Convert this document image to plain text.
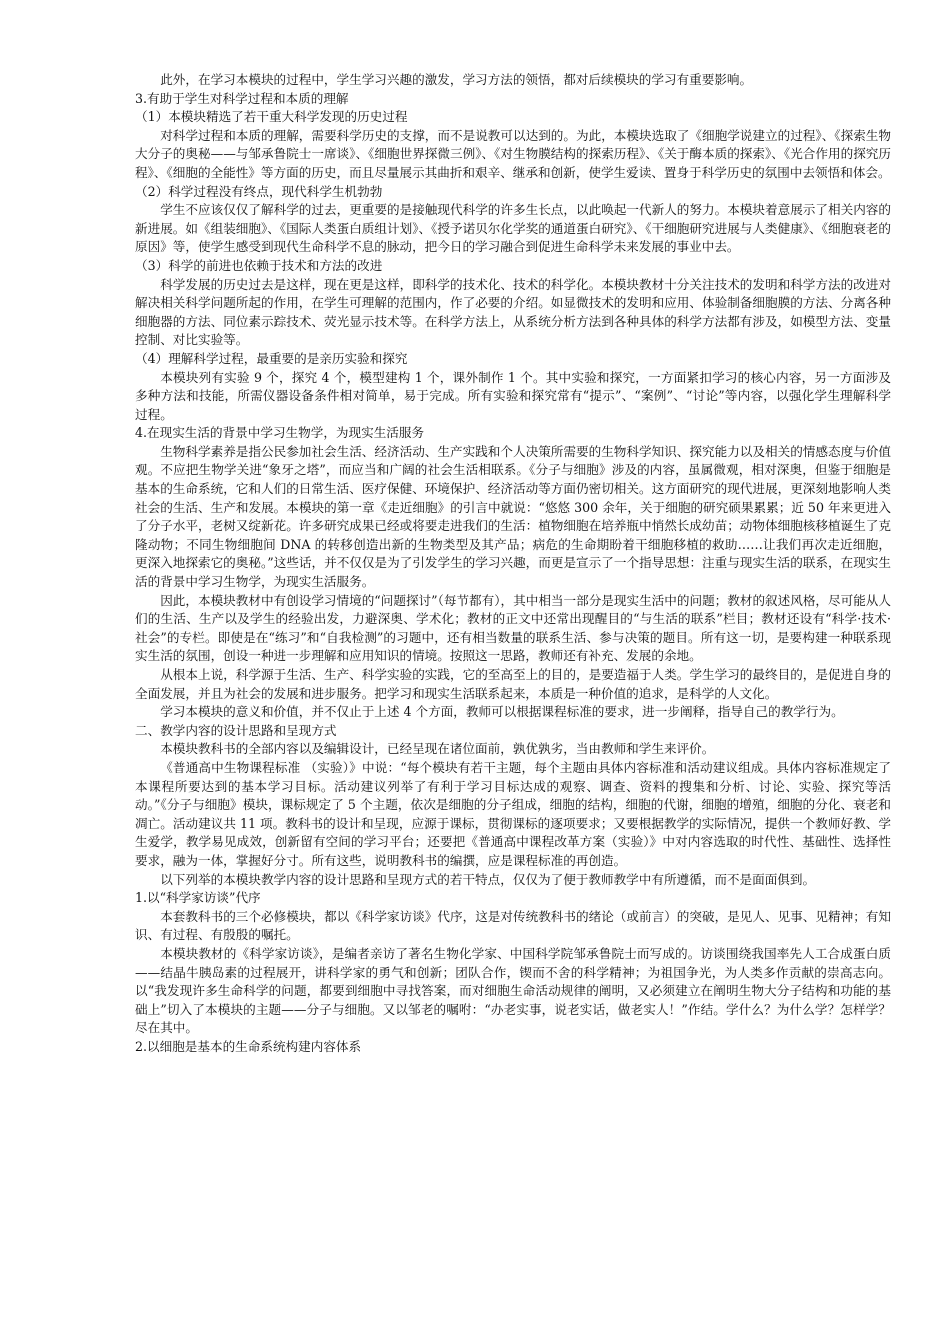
此外，在学习本模块的过程中，学生学习兴趣的激发，学习方法的领悟，都对后续模块的学习有重要影响。

3.有助于学生对科学过程和本质的理解

（1）本模块精选了若干重大科学发现的历史过程

对科学过程和本质的理解，需要科学历史的支撑，而不是说教可以达到的。为此，本模块选取了《细胞学说建立的过程》、《探索生物大分子的奥秘——与邹承鲁院士一席谈》、《细胞世界探微三例》、《对生物膜结构的探索历程》、《关于酶本质的探索》、《光合作用的探究历程》、《细胞的全能性》等方面的历史，而且尽量展示其曲折和艰辛、继承和创新，使学生爱读、置身于科学历史的氛围中去领悟和体会。

（2）科学过程没有终点，现代科学生机勃勃

学生不应该仅仅了解科学的过去，更重要的是接触现代科学的许多生长点，以此唤起一代新人的努力。本模块着意展示了相关内容的新进展。如《组装细胞》、《国际人类蛋白质组计划》、《授予诺贝尔化学奖的通道蛋白研究》、《干细胞研究进展与人类健康》、《细胞衰老的原因》等，使学生感受到现代生命科学不息的脉动，把今日的学习融合到促进生命科学未来发展的事业中去。

（3）科学的前进也依赖于技术和方法的改进

科学发展的历史过去是这样，现在更是这样，即科学的技术化、技术的科学化。本模块教材十分关注技术的发明和科学方法的改进对解决相关科学问题所起的作用，在学生可理解的范围内，作了必要的介绍。如显微技术的发明和应用、体验制备细胞膜的方法、分离各种细胞器的方法、同位素示踪技术、荧光显示技术等。在科学方法上，从系统分析方法到各种具体的科学方法都有涉及，如模型方法、变量控制、对比实验等。

（4）理解科学过程，最重要的是亲历实验和探究

本模块列有实验 9 个，探究 4 个，模型建构 1 个，课外制作 1 个。其中实验和探究，一方面紧扣学习的核心内容，另一方面涉及多种方法和技能，所需仪器设备条件相对简单，易于完成。所有实验和探究常有“提示”、“案例”、“讨论”等内容，以强化学生理解科学过程。

4.在现实生活的背景中学习生物学，为现实生活服务

生物科学素养是指公民参加社会生活、经济活动、生产实践和个人决策所需要的生物科学知识、探究能力以及相关的情感态度与价值观。不应把生物学关进“象牙之塔”，而应当和广阔的社会生活相联系。《分子与细胞》涉及的内容，虽属微观，相对深奥，但鉴于细胞是基本的生命系统，它和人们的日常生活、医疗保健、环境保护、经济活动等方面仍密切相关。这方面研究的现代进展，更深刻地影响人类社会的生活、生产和发展。本模块的第一章《走近细胞》的引言中就说：“悠悠 300 余年，关于细胞的研究硕果累累；近 50 年来更进入了分子水平，老树又绽新花。许多研究成果已经或将要走进我们的生活：植物细胞在培养瓶中悄然长成幼苗；动物体细胞核移植诞生了克隆动物；不同生物细胞间 DNA 的转移创造出新的生物类型及其产品；病危的生命期盼着干细胞移植的救助……让我们再次走近细胞，更深入地探索它的奥秘。”这些话，并不仅仅是为了引发学生的学习兴趣，而更是宣示了一个指导思想：注重与现实生活的联系，在现实生活的背景中学习生物学，为现实生活服务。

因此，本模块教材中有创设学习情境的“问题探讨”（每节都有），其中相当一部分是现实生活中的问题；教材的叙述风格，尽可能从人们的生活、生产以及学生的经验出发，力避深奥、学术化；教材的正文中还常出现醒目的“与生活的联系”栏目；教材还设有“科学·技术·社会”的专栏。即使是在“练习”和“自我检测”的习题中，还有相当数量的联系生活、参与决策的题目。所有这一切，是要构建一种联系现实生活的氛围，创设一种进一步理解和应用知识的情境。按照这一思路，教师还有补充、发展的余地。

从根本上说，科学源于生活、生产、科学实验的实践，它的至高至上的目的，是要造福于人类。学生学习的最终目的，是促进自身的全面发展，并且为社会的发展和进步服务。把学习和现实生活联系起来，本质是一种价值的追求，是科学的人文化。

学习本模块的意义和价值，并不仅止于上述 4 个方面，教师可以根据课程标准的要求，进一步阐释，指导自己的教学行为。

二、教学内容的设计思路和呈现方式

本模块教科书的全部内容以及编辑设计，已经呈现在诸位面前，孰优孰劣，当由教师和学生来评价。

《普通高中生物课程标准 （实验）》中说：“每个模块有若干主题，每个主题由具体内容标准和活动建议组成。具体内容标准规定了本课程所要达到的基本学习目标。活动建议列举了有利于学习目标达成的观察、调查、资料的搜集和分析、讨论、实验、探究等活动。”《分子与细胞》模块，课标规定了 5 个主题，依次是细胞的分子组成，细胞的结构，细胞的代谢，细胞的增殖，细胞的分化、衰老和凋亡。活动建议共 11 项。教科书的设计和呈现，应源于课标，贯彻课标的逐项要求；又要根据教学的实际情况，提供一个教师好教、学生爱学，教学易见成效，创新留有空间的学习平台；还要把《普通高中课程改革方案（实验）》中对内容选取的时代性、基础性、选择性要求，融为一体，掌握好分寸。所有这些，说明教科书的编撰，应是课程标准的再创造。

以下列举的本模块教学内容的设计思路和呈现方式的若干特点，仅仅为了便于教师教学中有所遵循，而不是面面俱到。

1.以“科学家访谈”代序

本套教科书的三个必修模块，都以《科学家访谈》代序，这是对传统教科书的绪论（或前言）的突破，是见人、见事、见精神；有知识、有过程、有殷殷的嘱托。

本模块教材的《科学家访谈》，是编者亲访了著名生物化学家、中国科学院邹承鲁院士而写成的。访谈围绕我国率先人工合成蛋白质——结晶牛胰岛素的过程展开，讲科学家的勇气和创新；团队合作，锲而不舍的科学精神；为祖国争光，为人类多作贡献的崇高志向。以“我发现许多生命科学的问题，都要到细胞中寻找答案，而对细胞生命活动规律的阐明，又必须建立在阐明生物大分子结构和功能的基础上”切入了本模块的主题——分子与细胞。又以邹老的嘱咐：“办老实事，说老实话，做老实人！”作结。学什么？为什么学？怎样学？尽在其中。

2.以细胞是基本的生命系统构建内容体系
